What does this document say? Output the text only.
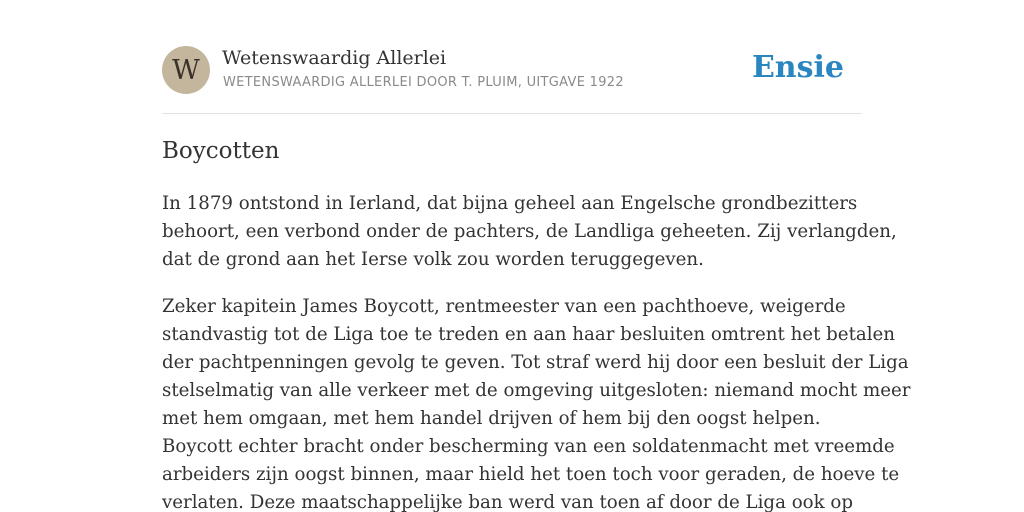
W	Wetenswaardig Allerlei
WETENSWAARDIG ALLERLEI DOOR T. PLUIM, UITGAVE 1922	Ensie
Boycotten

In 1879 ontstond in Ierland, dat bijna geheel aan Engelsche grondbezitters
behoort, een verbond onder de pachters, de Landliga geheeten. Zij verlangden,
dat de grond aan het Ierse volk zou worden teruggegeven.

Zeker kapitein James Boycott, rentmeester van een pachthoeve, weigerde
standvastig tot de Liga toe te treden en aan haar besluiten omtrent het betalen
der pachtpenningen gevolg te geven. Tot straf werd hij door een besluit der Liga
stelselmatig van alle verkeer met de omgeving uitgesloten: niemand mocht meer
met hem omgaan, met hem handel drijven of hem bij den oogst helpen.
Boycott echter bracht onder bescherming van een soldatenmacht met vreemde
arbeiders zijn oogst binnen, maar hield het toen toch voor geraden, de hoeve te
verlaten. Deze maatschappelijke ban werd van toen af door de Liga ook op
